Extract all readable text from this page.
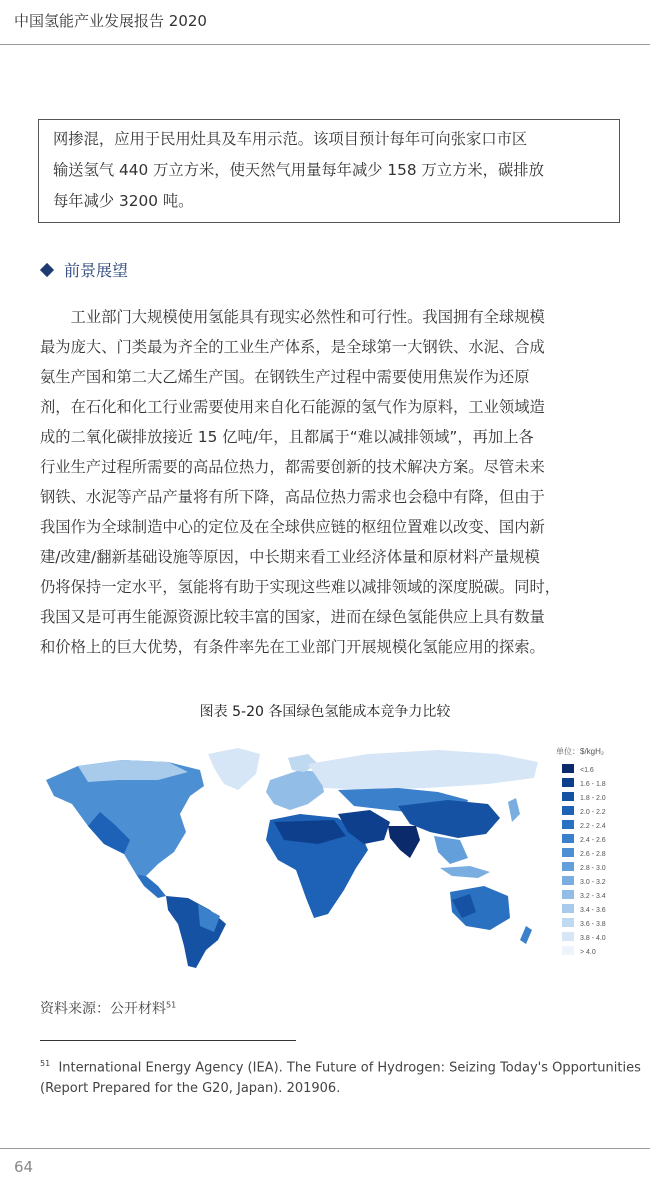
中国氢能产业发展报告 2020
网掺混，应用于民用灶具及车用示范。该项目预计每年可向张家口市区
输送氢气 440 万立方米，使天然气用量每年减少 158 万立方米，碳排放
每年减少 3200 吨。
前景展望
　　工业部门大规模使用氢能具有现实必然性和可行性。我国拥有全球规模
最为庞大、门类最为齐全的工业生产体系，是全球第一大钢铁、水泥、合成
氨生产国和第二大乙烯生产国。在钢铁生产过程中需要使用焦炭作为还原
剂，在石化和化工行业需要使用来自化石能源的氢气作为原料，工业领域造
成的二氧化碳排放接近 15 亿吨/年，且都属于“难以减排领域”，再加上各
行业生产过程所需要的高品位热力，都需要创新的技术解决方案。尽管未来
钢铁、水泥等产品产量将有所下降，高品位热力需求也会稳中有降，但由于
我国作为全球制造中心的定位及在全球供应链的枢纽位置难以改变、国内新
建/改建/翻新基础设施等原因，中长期来看工业经济体量和原材料产量规模
仍将保持一定水平，氢能将有助于实现这些难以减排领域的深度脱碳。同时，
我国又是可再生能源资源比较丰富的国家，进而在绿色氢能供应上具有数量
和价格上的巨大优势，有条件率先在工业部门开展规模化氢能应用的探索。
图表 5-20 各国绿色氢能成本竞争力比较
单位：$/kgH₂
<1.6
1.6 - 1.8
1.8 - 2.0
2.0 - 2.2
2.2 - 2.4
2.4 - 2.6
2.6 - 2.8
2.8 - 3.0
3.0 - 3.2
3.2 - 3.4
3.4 - 3.6
3.6 - 3.8
3.8 - 4.0
> 4.0
资料来源：公开材料$^{51}$
$^{51}$ International Energy Agency (IEA). The Future of Hydrogen: Seizing Today's Opportunities
(Report Prepared for the G20, Japan). 201906.
64
